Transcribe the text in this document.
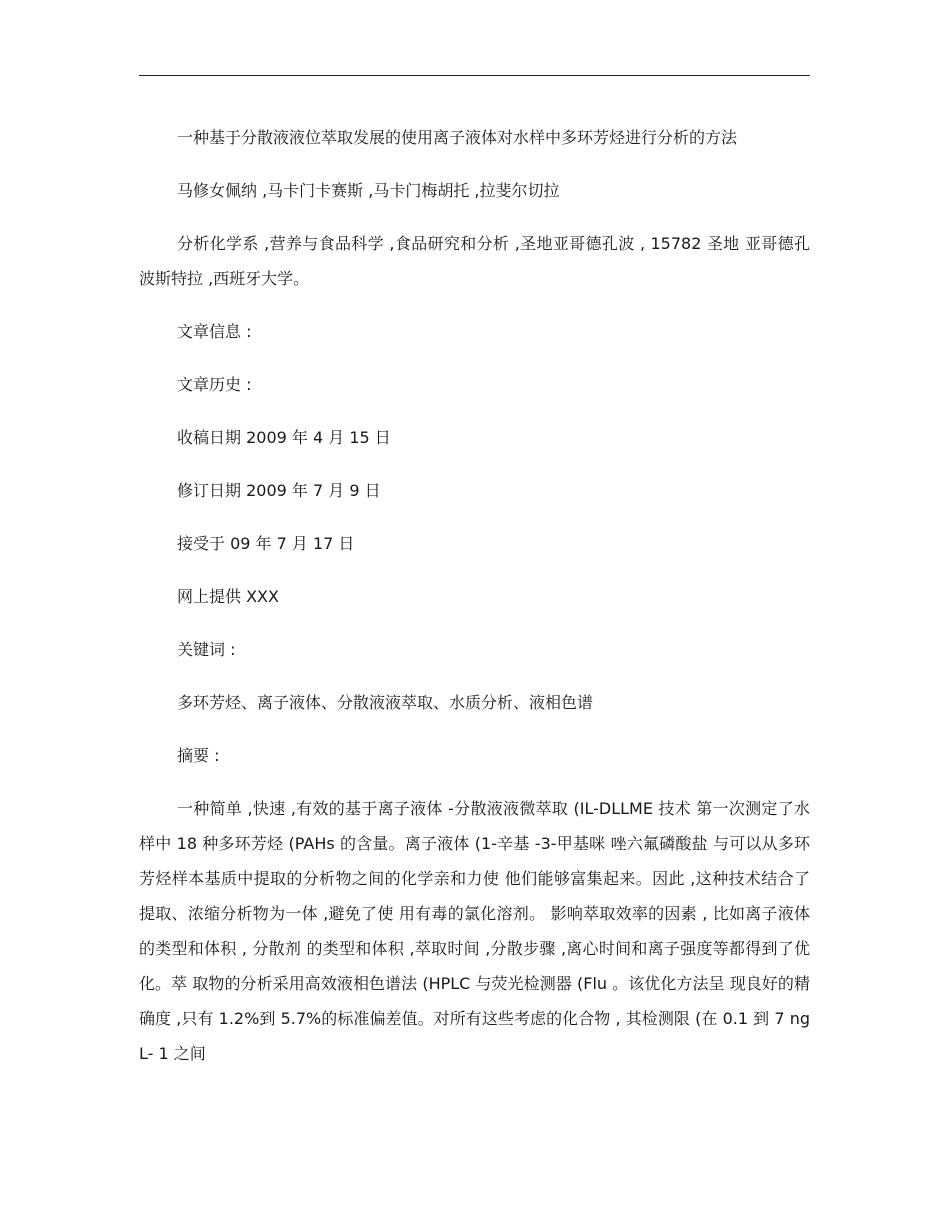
一种基于分散液液位萃取发展的使用离子液体对水样中多环芳烃进行分析的方法

马修女佩纳 ,马卡门卡赛斯 ,马卡门梅胡托 ,拉斐尔切拉

分析化学系 ,营养与食品科学 ,食品研究和分析 ,圣地亚哥德孔波 , 15782 圣地 亚哥德孔波斯特拉 ,西班牙大学。

文章信息 :

文章历史 :

收稿日期 2009 年 4 月 15 日

修订日期 2009 年 7 月 9 日

接受于 09 年 7 月 17 日

网上提供 XXX

关键词 :

多环芳烃、离子液体、分散液液萃取、水质分析、液相色谱

摘要 :

一种简单 ,快速 ,有效的基于离子液体 -分散液液微萃取 (IL-DLLME 技术 第一次测定了水样中 18 种多环芳烃 (PAHs 的含量。离子液体 (1-辛基 -3-甲基咪 唑六氟磷酸盐 与可以从多环芳烃样本基质中提取的分析物之间的化学亲和力使 他们能够富集起来。因此 ,这种技术结合了提取、浓缩分析物为一体 ,避免了使 用有毒的氯化溶剂。 影响萃取效率的因素 , 比如离子液体的类型和体积 , 分散剂 的类型和体积 ,萃取时间 ,分散步骤 ,离心时间和离子强度等都得到了优化。萃 取物的分析采用高效液相色谱法 (HPLC 与荧光检测器 (Flu 。该优化方法呈 现良好的精确度 ,只有 1.2%到 5.7%的标准偏差值。对所有这些考虑的化合物 , 其检测限 (在 0.1 到 7 ng L- 1 之间
